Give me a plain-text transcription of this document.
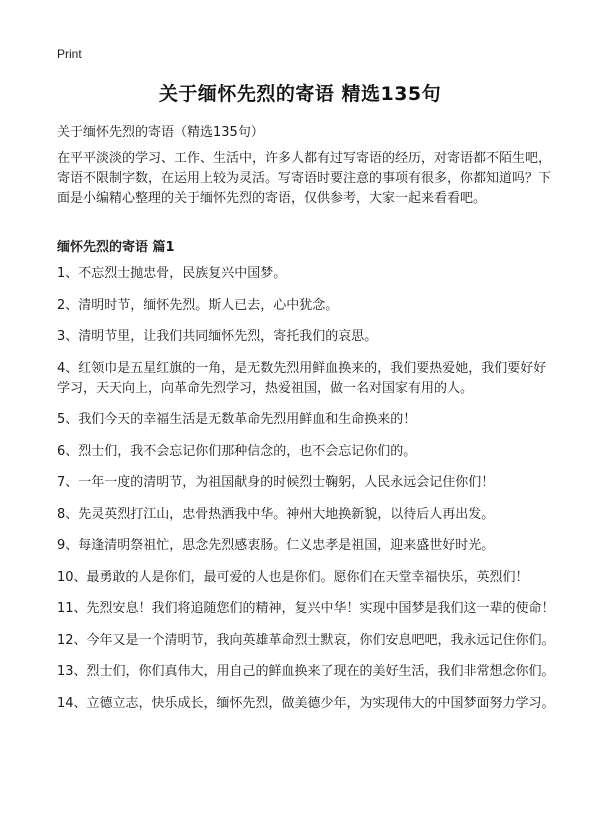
Print
关于缅怀先烈的寄语 精选135句

关于缅怀先烈的寄语（精选135句）

在平平淡淡的学习、工作、生活中，许多人都有过写寄语的经历，对寄语都不陌生吧，寄语不限制字数，在运用上较为灵活。写寄语时要注意的事项有很多，你都知道吗？下面是小编精心整理的关于缅怀先烈的寄语，仅供参考，大家一起来看看吧。

缅怀先烈的寄语 篇1
1、不忘烈士抛忠骨，民族复兴中国梦。
2、清明时节，缅怀先烈。斯人已去，心中犹念。
3、清明节里，让我们共同缅怀先烈，寄托我们的哀思。
4、红领巾是五星红旗的一角，是无数先烈用鲜血换来的，我们要热爱她，我们要好好学习，天天向上，向革命先烈学习，热爱祖国，做一名对国家有用的人。
5、我们今天的幸福生活是无数革命先烈用鲜血和生命换来的！
6、烈士们，我不会忘记你们那种信念的，也不会忘记你们的。
7、一年一度的清明节，为祖国献身的时候烈士鞠躬，人民永远会记住你们！
8、先灵英烈打江山，忠骨热洒我中华。神州大地换新貌，以待后人再出发。
9、每逢清明祭祖忙，思念先烈感衷肠。仁义忠孝是祖国，迎来盛世好时光。
10、最勇敢的人是你们，最可爱的人也是你们。愿你们在天堂幸福快乐，英烈们！
11、先烈安息！我们将追随您们的精神，复兴中华！实现中国梦是我们这一辈的使命！
12、今年又是一个清明节，我向英雄革命烈士默哀，你们安息吧吧，我永远记住你们。
13、烈士们，你们真伟大，用自己的鲜血换来了现在的美好生活，我们非常想念你们。
14、立德立志，快乐成长，缅怀先烈，做美德少年，为实现伟大的中国梦面努力学习。
